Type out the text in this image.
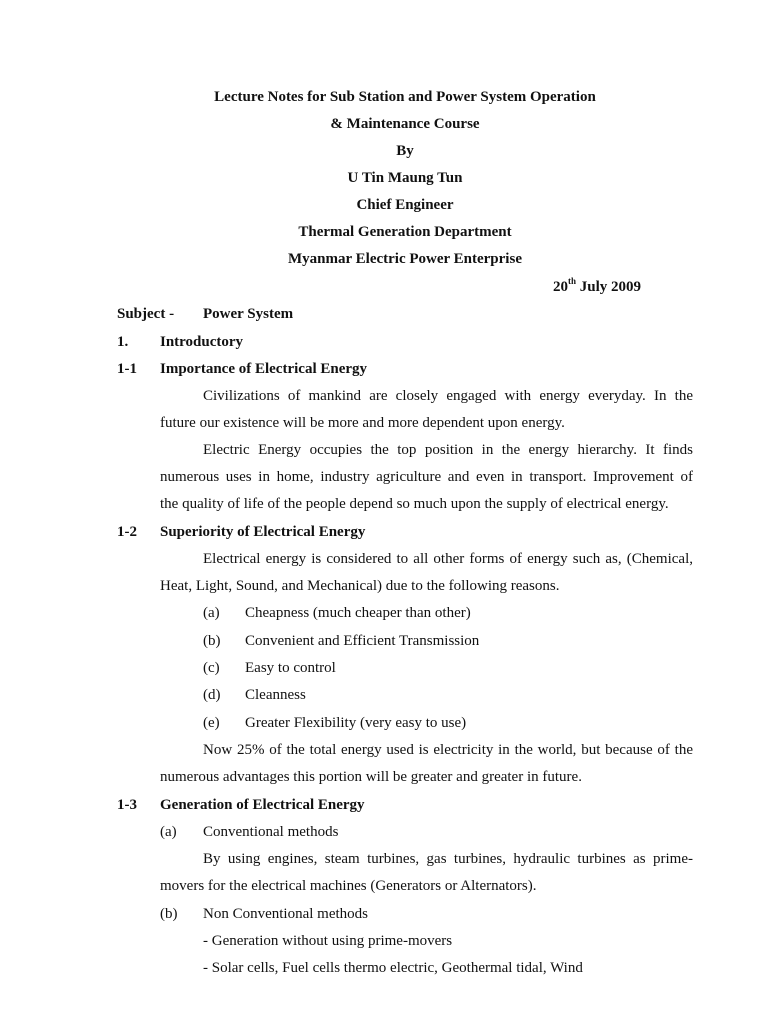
Lecture Notes for Sub Station and Power System Operation
& Maintenance Course
By
U Tin Maung Tun
Chief Engineer
Thermal Generation Department
Myanmar Electric Power Enterprise
20th July 2009
Subject - Power System
1. Introductory
1-1 Importance of Electrical Energy
Civilizations of mankind are closely engaged with energy everyday. In the
future our existence will be more and more dependent upon energy.
Electric Energy occupies the top position in the energy hierarchy. It finds
numerous uses in home, industry agriculture and even in transport. Improvement of
the quality of life of the people depend so much upon the supply of electrical energy.
1-2 Superiority of Electrical Energy
Electrical energy is considered to all other forms of energy such as, (Chemical,
Heat, Light, Sound, and Mechanical) due to the following reasons.
(a) Cheapness (much cheaper than other)
(b) Convenient and Efficient Transmission
(c) Easy to control
(d) Cleanness
(e) Greater Flexibility (very easy to use)
Now 25% of the total energy used is electricity in the world, but because of the
numerous advantages this portion will be greater and greater in future.
1-3 Generation of Electrical Energy
(a) Conventional methods
By using engines, steam turbines, gas turbines, hydraulic turbines as prime-
movers for the electrical machines (Generators or Alternators).
(b) Non Conventional methods
- Generation without using prime-movers
- Solar cells, Fuel cells thermo electric, Geothermal tidal, Wind
